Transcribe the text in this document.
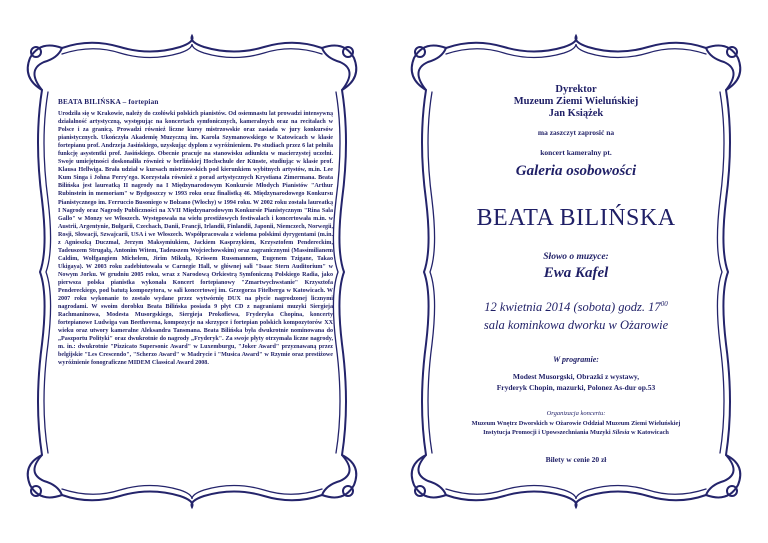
BEATA BILIŃSKA – fortepian

Urodziła się w Krakowie, należy do czołówki polskich pianistów. Od osiemnastu lat prowadzi intensywną działalność artystyczną, występując na koncertach symfonicznych, kameralnych oraz na recitalach w Polsce i za granicą. Prowadzi również liczne kursy mistrzowskie oraz zasiada w jury konkursów pianistycznych. Ukończyła Akademię Muzyczną im. Karola Szymanowskiego w Katowicach w klasie fortepianu prof. Andrzeja Jasińskiego, uzyskując dyplom z wyróżnieniem. Po studiach przez 6 lat pełniła funkcję asystentki prof. Jasińskiego. Obecnie pracuje na stanowisku adiunkta w macierzystej uczelni. Swoje umiejętności doskonaliła również w berlińskiej Hochschule der Künste, studiując w klasie prof. Klausa Hellwiga. Brała udział w kursach mistrzowskich pod kierunkiem wybitnych artystów, m.in. Lee Kum Singa i Johna Perry'ego. Korzystała również z porad artystycznych Krystiana Zimermana. Beata Bilińska jest laureatką II nagrody na I Międzynarodowym Konkursie Młodych Pianistów "Arthur Rubinstein in memoriam" w Bydgoszczy w 1993 roku oraz finalistką 46. Międzynarodowego Konkursu Pianistycznego im. Ferruccio Busoniego w Bolzano (Włochy) w 1994 roku. W 2002 roku została laureatką I Nagrody oraz Nagrody Publiczności na XVII Międzynarodowym Konkursie Pianistycznym "Rina Sala Gallo" w Monzy we Włoszech. Występowała na wielu prestiżowych festiwalach i koncertowała m.in. w Austrii, Argentynie, Bułgarii, Czechach, Danii, Francji, Irlandii, Finlandii, Japonii, Niemczech, Norwegii, Rosji, Słowacji, Szwajcarii, USA i we Włoszech. Współpracowała z wieloma polskimi dyrygentami (m.in. z Agnieszką Duczmal, Jerzym Maksymiukiem, Jackiem Kasprzykiem, Krzysztofem Pendereckim, Tadeuszem Strugałą, Antonim Witem, Tadeuszem Wojciechowskim) oraz zagranicznymi (Massimilianem Caldim, Wolfgangiem Michelem, Jirim Mikułą, Krissem Russmannem, Eugenem Tzigane, Takao Ukigaya). W 2003 roku zadebiutowała w Carnegie Hall, w głównej sali "Isaac Stern Auditorium" w Nowym Jorku. W grudniu 2005 roku, wraz z Narodową Orkiestrą Symfoniczną Polskiego Radia, jako pierwsza polska pianistka wykonała Koncert fortepianowy "Zmartwychwstanie" Krzysztofa Pendereckiego, pod batutą kompozytora, w sali koncertowej im. Grzegorza Fitelberga w Katowicach. W 2007 roku wykonanie to zostało wydane przez wytwórnię DUX na płycie nagrodzonej licznymi nagrodami. W swoim dorobku Beata Bilińska posiada 9 płyt CD z nagraniami muzyki Siergieja Rachmaninowa, Modesta Musorgskiego, Siergieja Prokofiewa, Fryderyka Chopina, koncerty fortepianowe Ludwiga van Beethovena, kompozycje na skrzypce i fortepian polskich kompozytorów XX wieku oraz utwory kameralne Aleksandra Tansmana. Beata Bilińska była dwukrotnie nominowana do „Paszportu Polityki" oraz dwukrotnie do nagrody „Fryderyk". Za swoje płyty otrzymała liczne nagrody, m. in.: dwukrotnie "Pizzicato Supersonic Award" w Luxemburgu, "Joker Award" przyznawaną przez belgijskie "Les Crescendo", "Scherzo Award" w Madrycie i "Musica Award" w Rzymie oraz prestiżowe wyróżnienie fonograficzne MIDEM Classical Award 2008.

Dyrektor
Muzeum Ziemi Wieluńskiej
Jan Książek
ma zaszczyt zaprosić na
koncert kameralny pt.
Galeria osobowości
BEATA BILIŃSKA
Słowo o muzyce:
Ewa Kafel
12 kwietnia 2014 (sobota) godz. $17^{00}$
sala kominkowa dworku w Ożarowie
W programie:
Modest Musorgski, Obrazki z wystawy,
Fryderyk Chopin, mazurki, Polonez As-dur op.53
Organizacja koncertu:
Muzeum Wnętrz Dworskich w Ożarowie Oddział Muzeum Ziemi Wieluńskiej
Instytucja Promocji i Upowszechniania Muzyki Silesia w Katowicach
Bilety w cenie 20 zł
